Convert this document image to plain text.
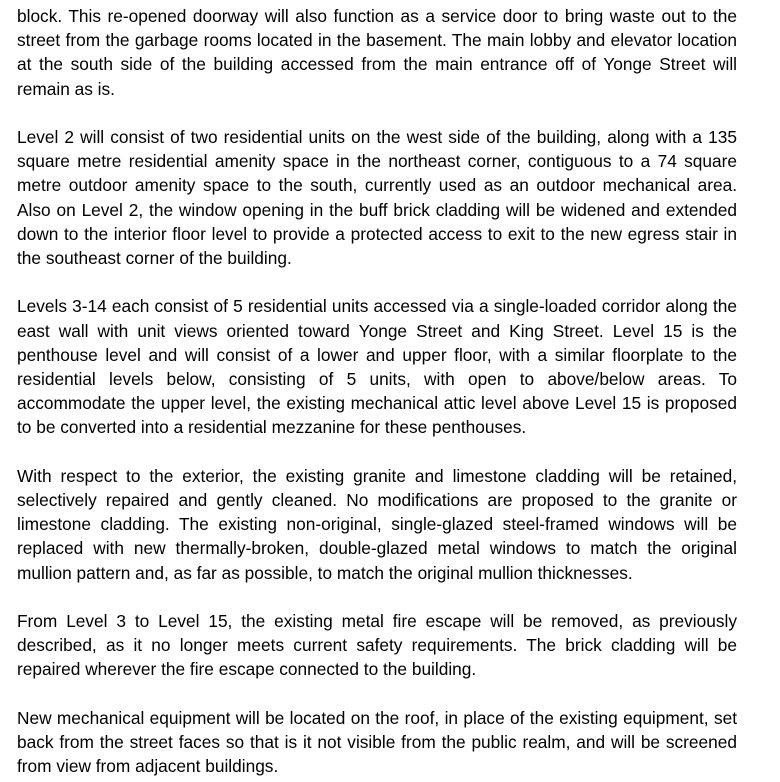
block. This re-opened doorway will also function as a service door to bring waste out to the street from the garbage rooms located in the basement. The main lobby and elevator location at the south side of the building accessed from the main entrance off of Yonge Street will remain as is.

Level 2 will consist of two residential units on the west side of the building, along with a 135 square metre residential amenity space in the northeast corner, contiguous to a 74 square metre outdoor amenity space to the south, currently used as an outdoor mechanical area. Also on Level 2, the window opening in the buff brick cladding will be widened and extended down to the interior floor level to provide a protected access to exit to the new egress stair in the southeast corner of the building.

Levels 3-14 each consist of 5 residential units accessed via a single-loaded corridor along the east wall with unit views oriented toward Yonge Street and King Street. Level 15 is the penthouse level and will consist of a lower and upper floor, with a similar floorplate to the residential levels below, consisting of 5 units, with open to above/below areas. To accommodate the upper level, the existing mechanical attic level above Level 15 is proposed to be converted into a residential mezzanine for these penthouses.

With respect to the exterior, the existing granite and limestone cladding will be retained, selectively repaired and gently cleaned. No modifications are proposed to the granite or limestone cladding. The existing non-original, single-glazed steel-framed windows will be replaced with new thermally-broken, double-glazed metal windows to match the original mullion pattern and, as far as possible, to match the original mullion thicknesses.

From Level 3 to Level 15, the existing metal fire escape will be removed, as previously described, as it no longer meets current safety requirements. The brick cladding will be repaired wherever the fire escape connected to the building.

New mechanical equipment will be located on the roof, in place of the existing equipment, set back from the street faces so that is it not visible from the public realm, and will be screened from view from adjacent buildings.
